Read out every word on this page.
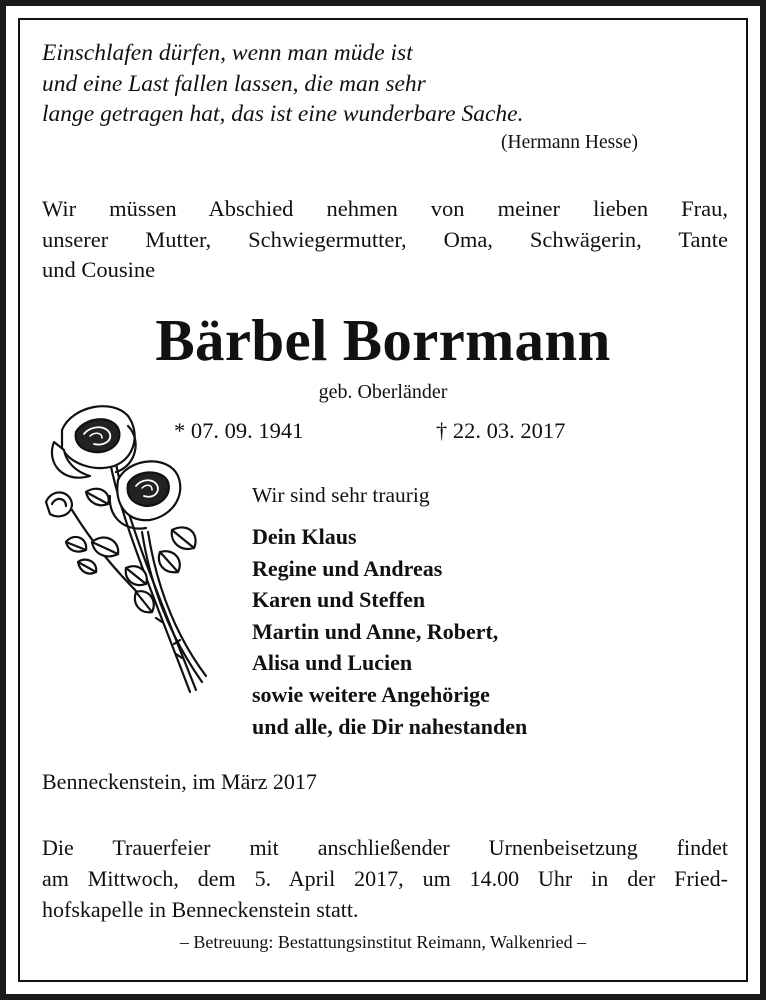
Einschlafen dürfen, wenn man müde ist
und eine Last fallen lassen, die man sehr
lange getragen hat, das ist eine wunderbare Sache.
(Hermann Hesse)
Wir müssen Abschied nehmen von meiner lieben Frau,
unserer Mutter, Schwiegermutter, Oma, Schwägerin, Tante
und Cousine
Bärbel Borrmann
geb. Oberländer
* 07. 09. 1941	† 22. 03. 2017
Wir sind sehr traurig
Dein Klaus
Regine und Andreas
Karen und Steffen
Martin und Anne, Robert,
Alisa und Lucien
sowie weitere Angehörige
und alle, die Dir nahestanden
Benneckenstein, im März 2017
Die Trauerfeier mit anschließender Urnenbeisetzung findet
am Mittwoch, dem 5. April 2017, um 14.00 Uhr in der Fried-
hofskapelle in Benneckenstein statt.
– Betreuung: Bestattungsinstitut Reimann, Walkenried –
